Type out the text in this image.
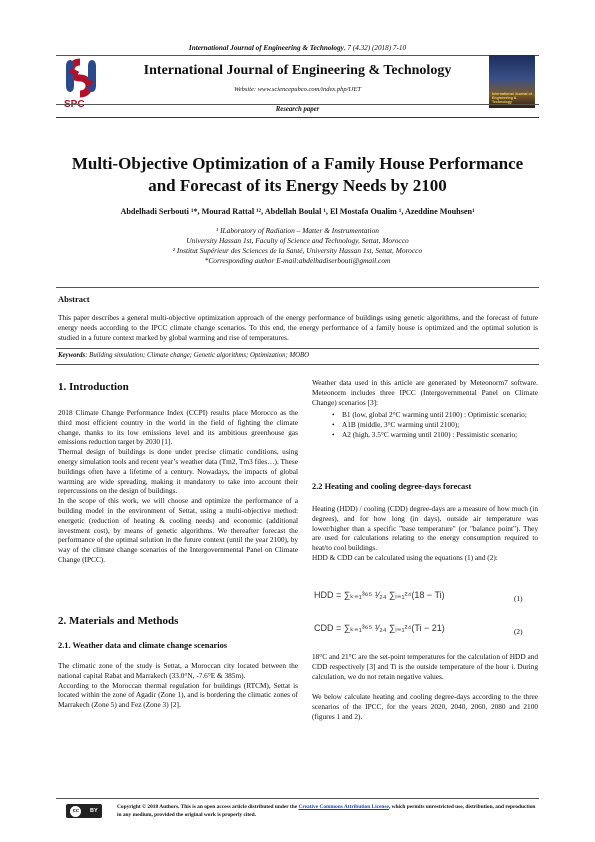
International Journal of Engineering & Technology, 7 (4.32) (2018) 7-10
SPC
International Journal of Engineering & Technology
Website: www.sciencepubco.com/index.php/IJET
International Journal of Engineering & Technology
Research paper
Multi-Objective Optimization of a Family House Performance
and Forecast of its Energy Needs by 2100
Abdelhadi Serbouti ¹*, Mourad Rattal ¹², Abdellah Boulal ¹, El Mostafa Oualim ¹, Azeddine Mouhsen¹
¹ ILaboratory of Radiation – Matter & Instrumentation
University Hassan 1st, Faculty of Science and Technology, Settat, Morocco
² Institut Supérieur des Sciences de la Santé, University Hassan 1st, Settat, Morocco
*Corresponding author E-mail:abdelhadiserbouti@gmail.com
Abstract
This paper describes a general multi-objective optimization approach of the energy performance of buildings using genetic algorithms, and the forecast of future energy needs according to the IPCC climate change scenarios. To this end, the energy performance of a family house is optimized and the optimal solution is studied in a future context marked by global warming and rise of temperatures.
Keywords: Building simulation; Climate change; Genetic algorithms; Optimization; MOBO
1. Introduction
2018 Climate Change Performance Index (CCPI) results place Morocco as the third most efficient country in the world in the field of fighting the climate change, thanks to its low emissions level and its ambitious greenhouse gas emissions reduction target by 2030 [1].
Thermal design of buildings is done under precise climatic conditions, using energy simulation tools and recent year’s weather data (Tm2, Tm3 files…). These buildings often have a lifetime of a century. Nowadays, the impacts of global warming are wide spreading, making it mandatory to take into account their repercussions on the design of buildings.
In the scope of this work, we will choose and optimize the performance of a building model in the environment of Settat, using a multi-objective method: energetic (reduction of heating & cooling needs) and economic (additional investment cost), by means of genetic algorithms. We thereafter forecast the performance of the optimal solution in the future context (until the year 2100), by way of the climate change scenarios of the Intergovernmental Panel on Climate Change (IPCC).
2. Materials and Methods
2.1. Weather data and climate change scenarios
The climatic zone of the study is Settat, a Moroccan city located between the national capital Rabat and Marrakech (33.0°N, -7.6°E & 385m).
According to the Moroccan thermal regulation for buildings (RTCM), Settat is located within the zone of Agadir (Zone 1), and is bordering the climatic zones of Marrakech (Zone 5) and Fez (Zone 3) [2].
Weather data used in this article are generated by Meteonorm7 software. Meteonorm includes three IPCC (Intergovernmental Panel on Climate Change) scenarios [3]:
• B1 (low, global 2°C warming until 2100) : Optimistic scenario;
• A1B (middle, 3°C warming until 2100);
• A2 (high, 3.5°C warming until 2100) : Pessimistic scenario;
2.2 Heating and cooling degree-days forecast
Heating (HDD) / cooling (CDD) degree-days are a measure of how much (in degrees), and for how long (in days), outside air temperature was lower/higher than a specific "base temperature" (or "balance point"). They are used for calculations relating to the energy consumption required to heat/to cool buildings.
HDD & CDD can be calculated using the equations (1) and (2):
HDD = ∑ₖ₌₁³⁶⁵ ¹⁄₂₄ ∑ᵢ₌₁²⁴(18 − Ti)	(1)
CDD = ∑ₖ₌₁³⁶⁵ ¹⁄₂₄ ∑ᵢ₌₁²⁴(Ti − 21)	(2)
18°C and 21°C are the set-point temperatures for the calculation of HDD and CDD respectively [3] and Ti is the outside temperature of the hour i. During calculation, we do not retain negative values.
We below calculate heating and cooling degree-days according to the three scenarios of the IPCC, for the years 2020, 2040, 2060, 2080 and 2100 (figures 1 and 2).
cc	BY
Copyright © 2018 Authors. This is an open access article distributed under the Creative Commons Attribution License, which permits unrestricted use, distribution, and reproduction in any medium, provided the original work is properly cited.
